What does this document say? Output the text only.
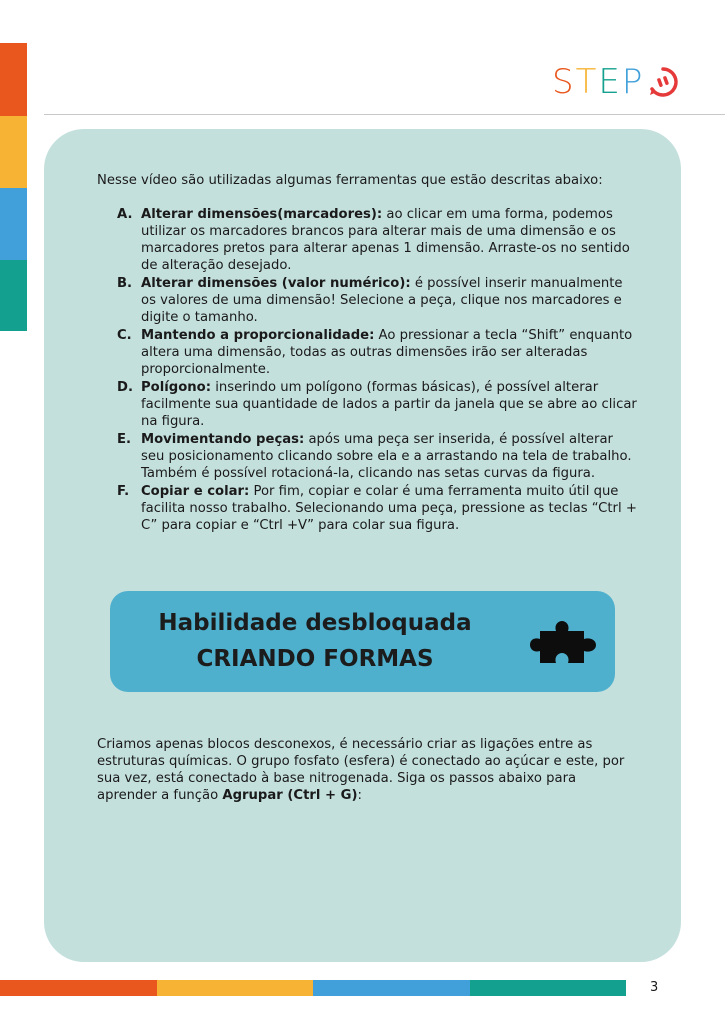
STEP

Nesse vídeo são utilizadas algumas ferramentas que estão descritas abaixo:

A. Alterar dimensões(marcadores): ao clicar em uma forma, podemos utilizar os marcadores brancos para alterar mais de uma dimensão e os marcadores pretos para alterar apenas 1 dimensão. Arraste-os no sentido de alteração desejado.
B. Alterar dimensões (valor numérico): é possível inserir manualmente os valores de uma dimensão! Selecione a peça, clique nos marcadores e digite o tamanho.
C. Mantendo a proporcionalidade: Ao pressionar a tecla “Shift” enquanto altera uma dimensão, todas as outras dimensões irão ser alteradas proporcionalmente.
D. Polígono: inserindo um polígono (formas básicas), é possível alterar facilmente sua quantidade de lados a partir da janela que se abre ao clicar na figura.
E. Movimentando peças: após uma peça ser inserida, é possível alterar seu posicionamento clicando sobre ela e a arrastando na tela de trabalho. Também é possível rotacioná-la, clicando nas setas curvas da figura.
F. Copiar e colar: Por fim, copiar e colar é uma ferramenta muito útil que facilita nosso trabalho. Selecionando uma peça, pressione as teclas “Ctrl + C” para copiar e “Ctrl +V” para colar sua figura.
Habilidade desbloquada
CRIANDO FORMAS

Criamos apenas blocos desconexos, é necessário criar as ligações entre as estruturas químicas. O grupo fosfato (esfera) é conectado ao açúcar e este, por sua vez, está conectado à base nitrogenada. Siga os passos abaixo para aprender a função Agrupar (Ctrl + G):

3
